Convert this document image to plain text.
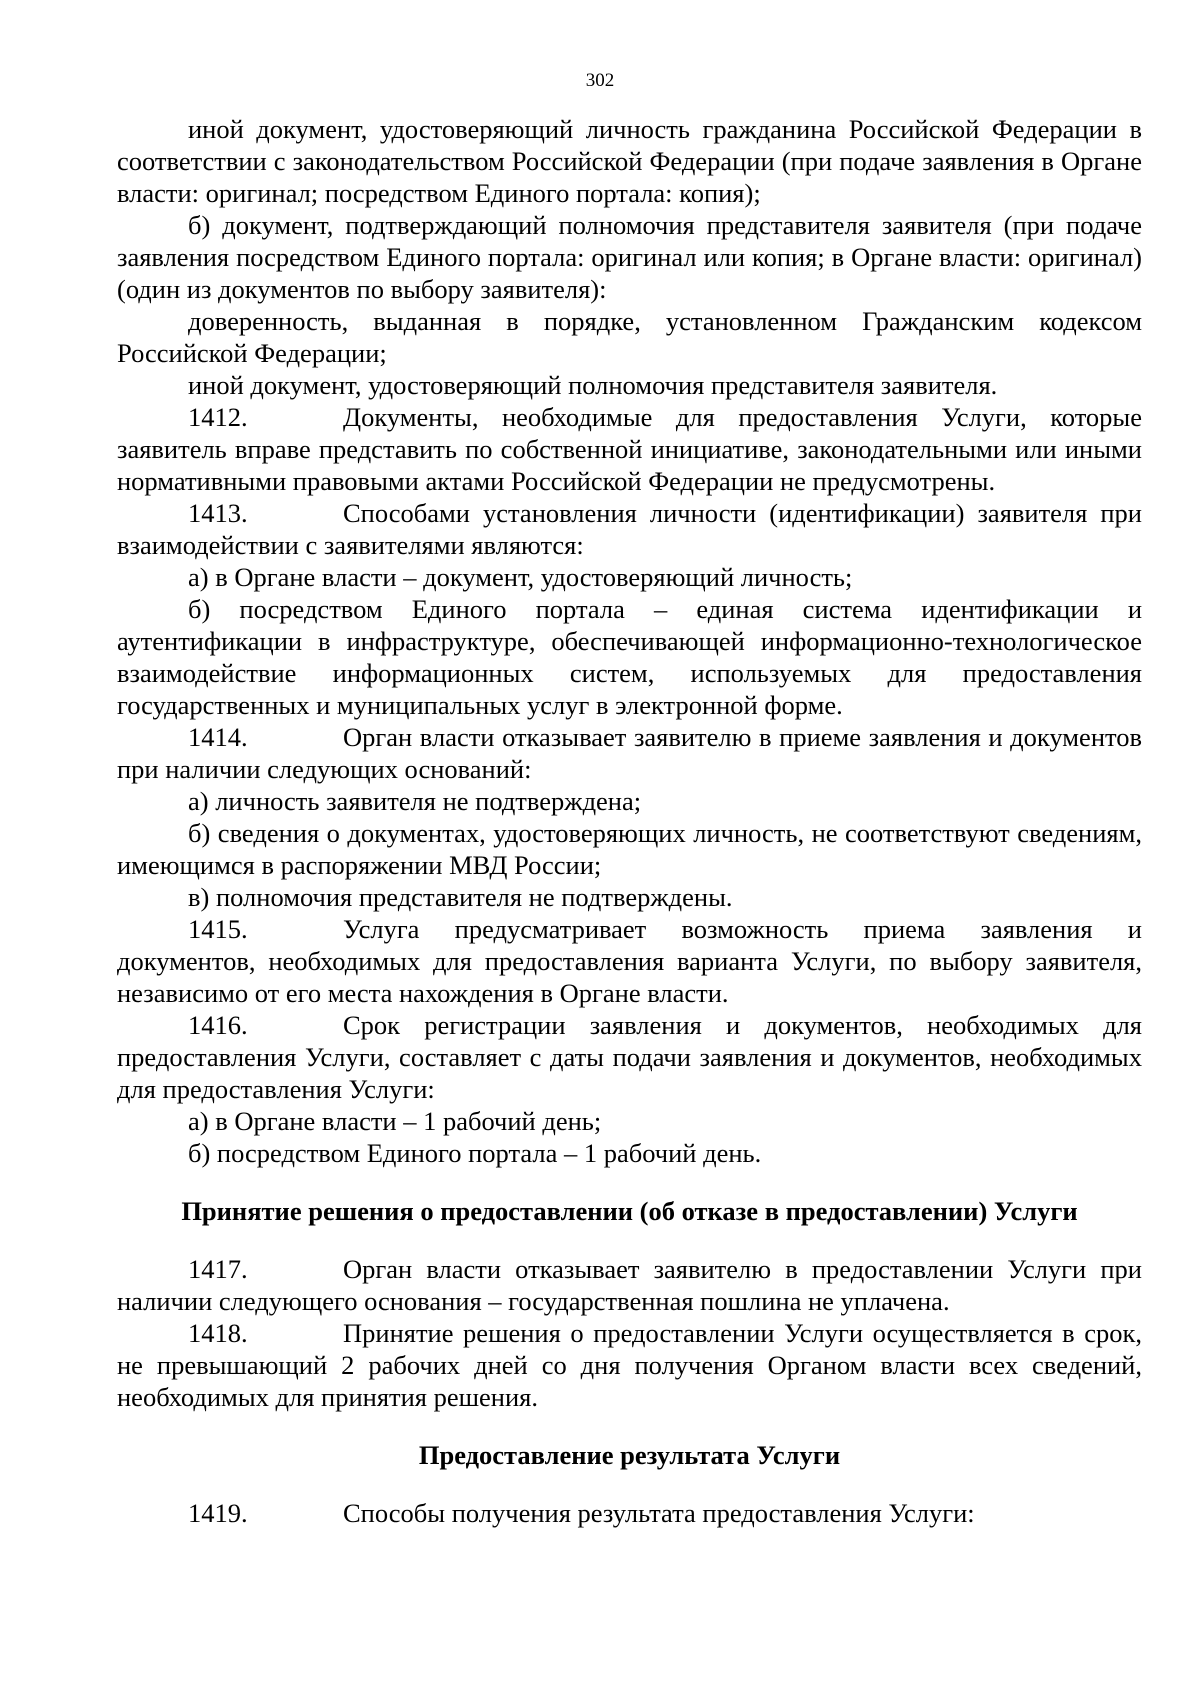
302

иной документ, удостоверяющий личность гражданина Российской Федерации в соответствии с законодательством Российской Федерации (при подаче заявления в Органе власти: оригинал; посредством Единого портала: копия);

б) документ, подтверждающий полномочия представителя заявителя (при подаче заявления посредством Единого портала: оригинал или копия; в Органе власти: оригинал) (один из документов по выбору заявителя):

доверенность, выданная в порядке, установленном Гражданским кодексом Российской Федерации;

иной документ, удостоверяющий полномочия представителя заявителя.

1412.	Документы, необходимые для предоставления Услуги, которые заявитель вправе представить по собственной инициативе, законодательными или иными нормативными правовыми актами Российской Федерации не предусмотрены.

1413.	Способами установления личности (идентификации) заявителя при взаимодействии с заявителями являются:

а) в Органе власти – документ, удостоверяющий личность;

б) посредством Единого портала – единая система идентификации и аутентификации в инфраструктуре, обеспечивающей информационно-технологическое взаимодействие информационных систем, используемых для предоставления государственных и муниципальных услуг в электронной форме.

1414.	Орган власти отказывает заявителю в приеме заявления и документов при наличии следующих оснований:

а) личность заявителя не подтверждена;

б) сведения о документах, удостоверяющих личность, не соответствуют сведениям, имеющимся в распоряжении МВД России;

в) полномочия представителя не подтверждены.

1415.	Услуга предусматривает возможность приема заявления и документов, необходимых для предоставления варианта Услуги, по выбору заявителя, независимо от его места нахождения в Органе власти.

1416.	Срок регистрации заявления и документов, необходимых для предоставления Услуги, составляет с даты подачи заявления и документов, необходимых для предоставления Услуги:

а) в Органе власти – 1 рабочий день;

б) посредством Единого портала – 1 рабочий день.

Принятие решения о предоставлении (об отказе в предоставлении) Услуги

1417.	Орган власти отказывает заявителю в предоставлении Услуги при наличии следующего основания – государственная пошлина не уплачена.

1418.	Принятие решения о предоставлении Услуги осуществляется в срок, не превышающий 2 рабочих дней со дня получения Органом власти всех сведений, необходимых для принятия решения.

Предоставление результата Услуги

1419.	Способы получения результата предоставления Услуги:
